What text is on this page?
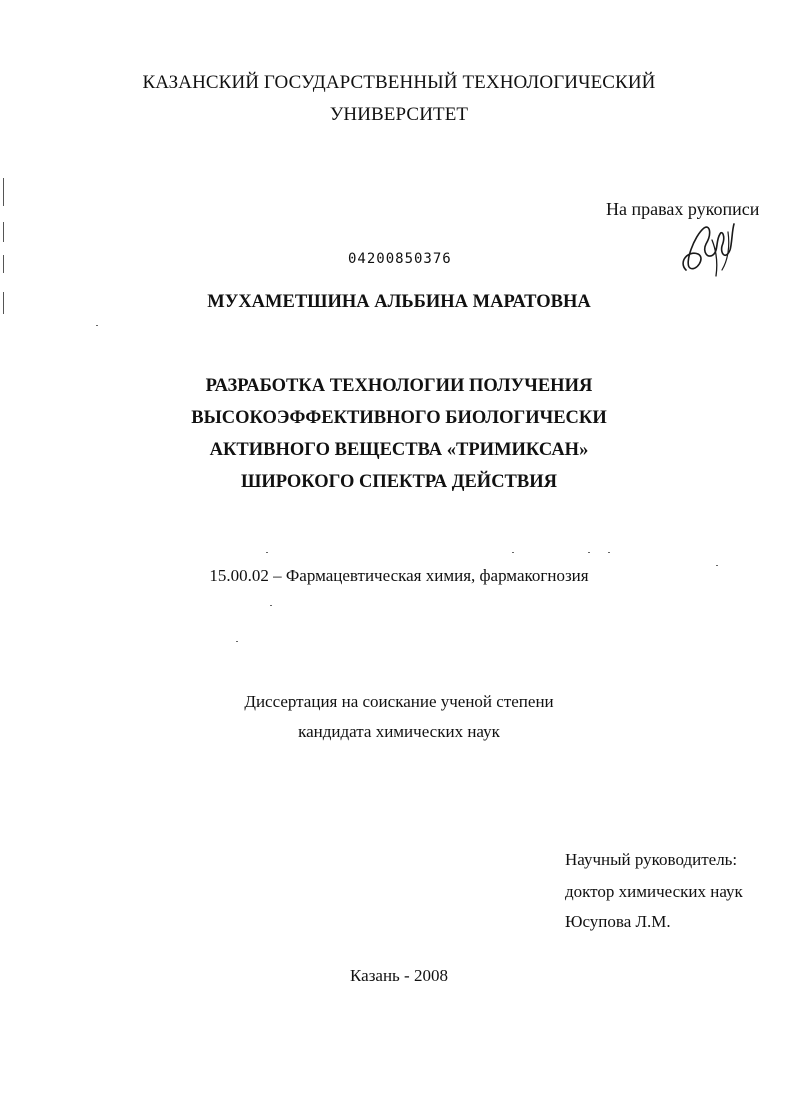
КАЗАНСКИЙ ГОСУДАРСТВЕННЫЙ ТЕХНОЛОГИЧЕСКИЙ
УНИВЕРСИТЕТ
На правах рукописи
04200850376
МУХАМЕТШИНА АЛЬБИНА МАРАТОВНА
РАЗРАБОТКА ТЕХНОЛОГИИ ПОЛУЧЕНИЯ
ВЫСОКОЭФФЕКТИВНОГО БИОЛОГИЧЕСКИ
АКТИВНОГО ВЕЩЕСТВА «ТРИМИКСАН»
ШИРОКОГО СПЕКТРА ДЕЙСТВИЯ
15.00.02 – Фармацевтическая химия, фармакогнозия
Диссертация на соискание ученой степени
кандидата химических наук
Научный руководитель:
доктор химических наук
Юсупова Л.М.
Казань - 2008
